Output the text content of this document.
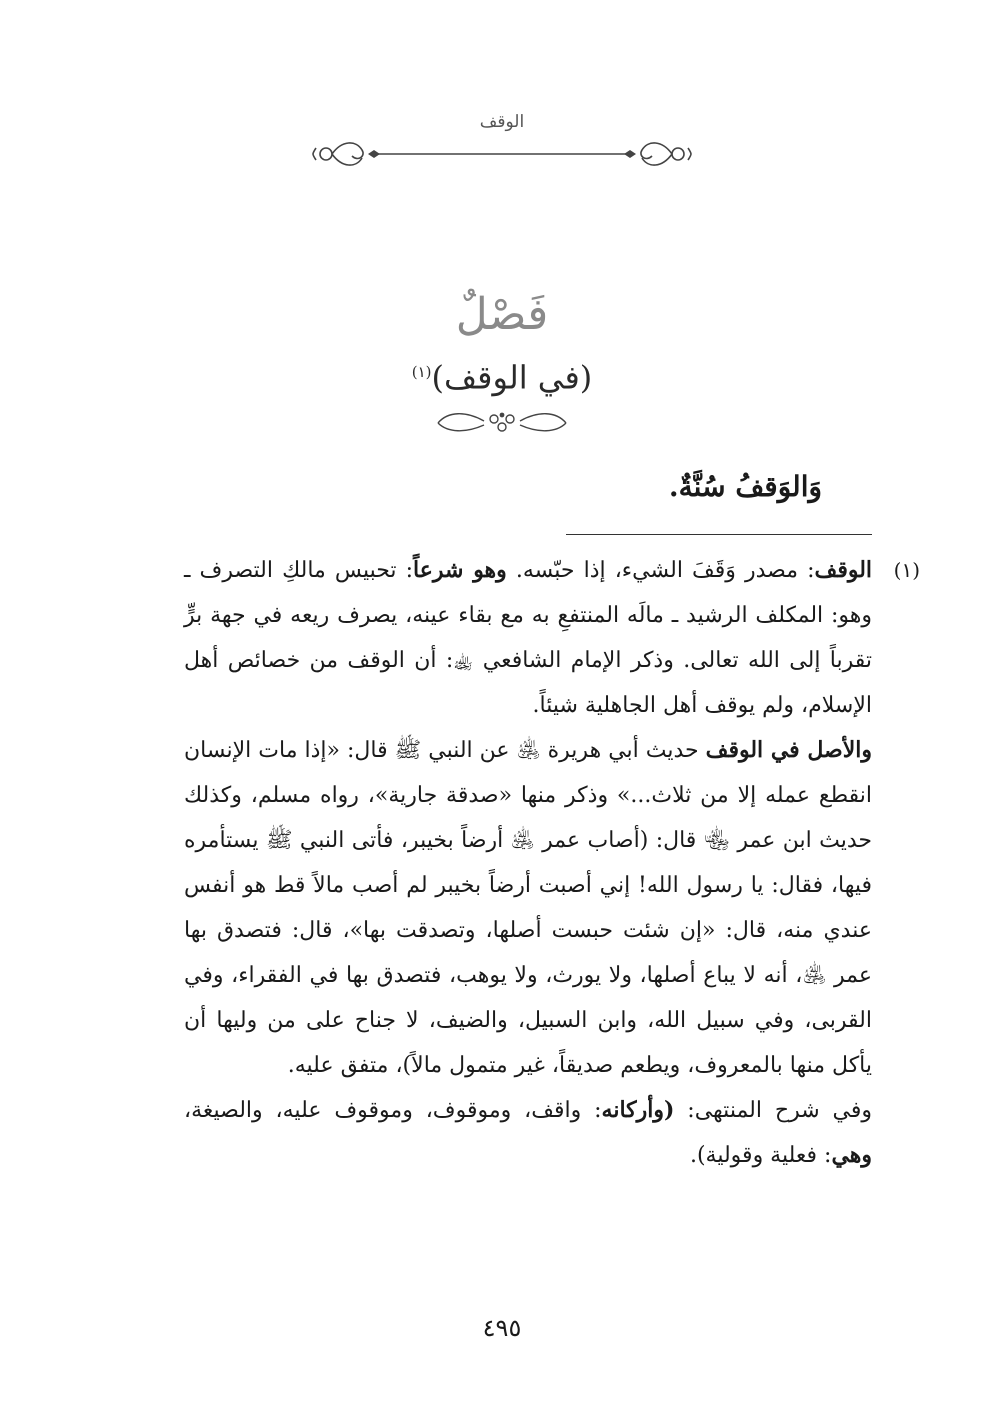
الوقف
فَصْلٌ
(في الوقف)$^{(١)}$
وَالوَقفُ سُنَّةٌ.
(١)

الوقف: مصدر وَقَفَ الشيء، إذا حبّسه. وهو شرعاً: تحبيس مالكِ التصرف ـ وهو: المكلف الرشيد ـ مالَه المنتفعِ به مع بقاء عينه، يصرف ريعه في جهة برٍّ تقرباً إلى الله تعالى. وذكر الإمام الشافعي ﵀: أن الوقف من خصائص أهل الإسلام، ولم يوقف أهل الجاهلية شيئاً.

والأصل في الوقف حديث أبي هريرة ﵁ عن النبي ﷺ قال: «إذا مات الإنسان انقطع عمله إلا من ثلاث...» وذكر منها «صدقة جارية»، رواه مسلم، وكذلك حديث ابن عمر ﵄ قال: (أصاب عمر ﵁ أرضاً بخيبر، فأتى النبي ﷺ يستأمره فيها، فقال: يا رسول الله! إني أصبت أرضاً بخيبر لم أصب مالاً قط هو أنفس عندي منه، قال: «إن شئت حبست أصلها، وتصدقت بها»، قال: فتصدق بها عمر ﵁، أنه لا يباع أصلها، ولا يورث، ولا يوهب، فتصدق بها في الفقراء، وفي القربى، وفي سبيل الله، وابن السبيل، والضيف، لا جناح على من وليها أن يأكل منها بالمعروف، ويطعم صديقاً، غير متمول مالاً)، متفق عليه.

وفي شرح المنتهى: (وأركانه: واقف، وموقوف، وموقوف عليه، والصيغة، وهي: فعلية وقولية).

٤٩٥
